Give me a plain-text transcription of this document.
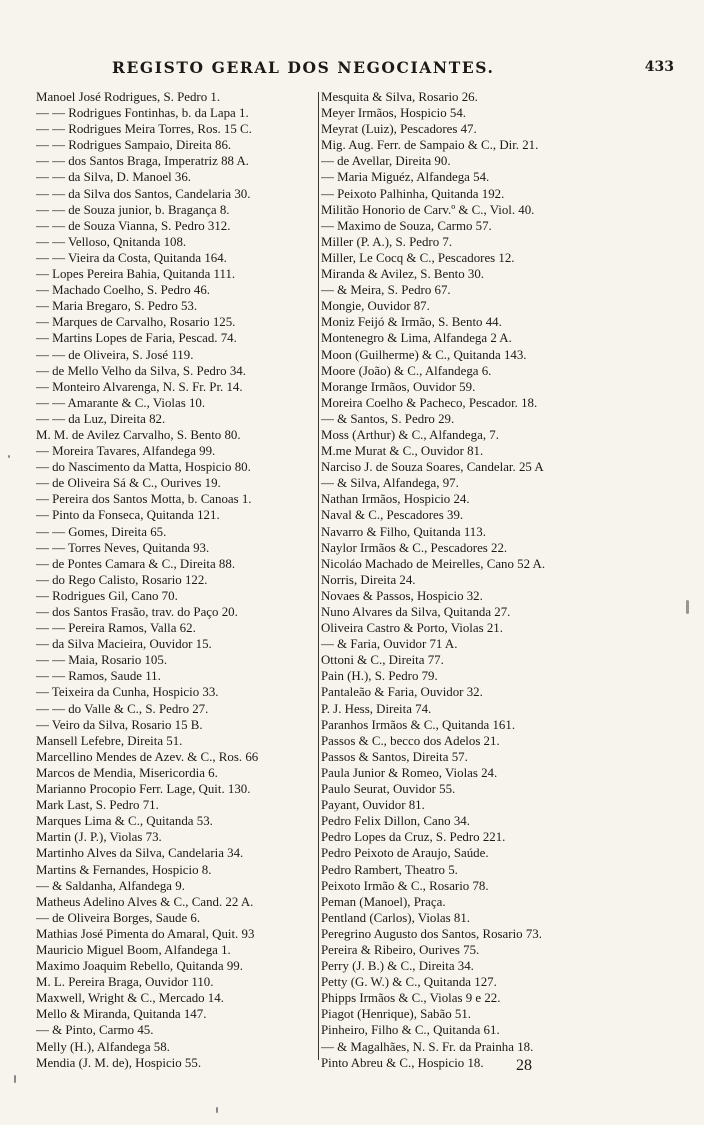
REGISTO GERAL DOS NEGOCIANTES.	433
Manoel José Rodrigues, S. Pedro 1.
— — Rodrigues Fontinhas, b. da Lapa 1.
— — Rodrigues Meira Torres, Ros. 15 C.
— — Rodrigues Sampaio, Direita 86.
— — dos Santos Braga, Imperatriz 88 A.
— — da Silva, D. Manoel 36.
— — da Silva dos Santos, Candelaria 30.
— — de Souza junior, b. Bragança 8.
— — de Souza Vianna, S. Pedro 312.
— — Velloso, Qnitanda 108.
— — Vieira da Costa, Quitanda 164.
— Lopes Pereira Bahia, Quitanda 111.
— Machado Coelho, S. Pedro 46.
— Maria Bregaro, S. Pedro 53.
— Marques de Carvalho, Rosario 125.
— Martins Lopes de Faria, Pescad. 74.
— — de Oliveira, S. José 119.
— de Mello Velho da Silva, S. Pedro 34.
— Monteiro Alvarenga, N. S. Fr. Pr. 14.
— — Amarante & C., Violas 10.
— — da Luz, Direita 82.
M. M. de Avilez Carvalho, S. Bento 80.
— Moreira Tavares, Alfandega 99.
— do Nascimento da Matta, Hospicio 80.
— de Oliveira Sá & C., Ourives 19.
— Pereira dos Santos Motta, b. Canoas 1.
— Pinto da Fonseca, Quitanda 121.
— — Gomes, Direita 65.
— — Torres Neves, Quitanda 93.
— de Pontes Camara & C., Direita 88.
— do Rego Calisto, Rosario 122.
— Rodrigues Gil, Cano 70.
— dos Santos Frasão, trav. do Paço 20.
— — Pereira Ramos, Valla 62.
— da Silva Macieira, Ouvidor 15.
— — Maia, Rosario 105.
— — Ramos, Saude 11.
— Teixeira da Cunha, Hospicio 33.
— — do Valle & C., S. Pedro 27.
— Veiro da Silva, Rosario 15 B.
Mansell Lefebre, Direita 51.
Marcellino Mendes de Azev. & C., Ros. 66
Marcos de Mendia, Misericordia 6.
Marianno Procopio Ferr. Lage, Quit. 130.
Mark Last, S. Pedro 71.
Marques Lima & C., Quitanda 53.
Martin (J. P.), Violas 73.
Martinho Alves da Silva, Candelaria 34.
Martins & Fernandes, Hospicio 8.
— & Saldanha, Alfandega 9.
Matheus Adelino Alves & C., Cand. 22 A.
— de Oliveira Borges, Saude 6.
Mathias José Pimenta do Amaral, Quit. 93
Mauricio Miguel Boom, Alfandega 1.
Maximo Joaquim Rebello, Quitanda 99.
M. L. Pereira Braga, Ouvidor 110.
Maxwell, Wright & C., Mercado 14.
Mello & Miranda, Quitanda 147.
— & Pinto, Carmo 45.
Melly (H.), Alfandega 58.
Mendia (J. M. de), Hospicio 55.
Mesquita & Silva, Rosario 26.
Meyer Irmãos, Hospicio 54.
Meyrat (Luiz), Pescadores 47.
Mig. Aug. Ferr. de Sampaio & C., Dir. 21.
— de Avellar, Direita 90.
— Maria Miguéz, Alfandega 54.
— Peixoto Palhinha, Quitanda 192.
Militão Honorio de Carv.º & C., Viol. 40.
— Maximo de Souza, Carmo 57.
Miller (P. A.), S. Pedro 7.
Miller, Le Cocq & C., Pescadores 12.
Miranda & Avilez, S. Bento 30.
— & Meira, S. Pedro 67.
Mongie, Ouvidor 87.
Moniz Feijó & Irmão, S. Bento 44.
Montenegro & Lima, Alfandega 2 A.
Moon (Guilherme) & C., Quitanda 143.
Moore (João) & C., Alfandega 6.
Morange Irmãos, Ouvidor 59.
Moreira Coelho & Pacheco, Pescador. 18.
— & Santos, S. Pedro 29.
Moss (Arthur) & C., Alfandega, 7.
M.me Murat & C., Ouvidor 81.
Narciso J. de Souza Soares, Candelar. 25 A
— & Silva, Alfandega, 97.
Nathan Irmãos, Hospicio 24.
Naval & C., Pescadores 39.
Navarro & Filho, Quitanda 113.
Naylor Irmãos & C., Pescadores 22.
Nicoláo Machado de Meirelles, Cano 52 A.
Norris, Direita 24.
Novaes & Passos, Hospicio 32.
Nuno Alvares da Silva, Quitanda 27.
Oliveira Castro & Porto, Violas 21.
— & Faria, Ouvidor 71 A.
Ottoni & C., Direita 77.
Pain (H.), S. Pedro 79.
Pantaleão & Faria, Ouvidor 32.
P. J. Hess, Direita 74.
Paranhos Irmãos & C., Quitanda 161.
Passos & C., becco dos Adelos 21.
Passos & Santos, Direita 57.
Paula Junior & Romeo, Violas 24.
Paulo Seurat, Ouvidor 55.
Payant, Ouvidor 81.
Pedro Felix Dillon, Cano 34.
Pedro Lopes da Cruz, S. Pedro 221.
Pedro Peixoto de Araujo, Saúde.
Pedro Rambert, Theatro 5.
Peixoto Irmão & C., Rosario 78.
Peman (Manoel), Praça.
Pentland (Carlos), Violas 81.
Peregrino Augusto dos Santos, Rosario 73.
Pereira & Ribeiro, Ourives 75.
Perry (J. B.) & C., Direita 34.
Petty (G. W.) & C., Quitanda 127.
Phipps Irmãos & C., Violas 9 e 22.
Piagot (Henrique), Sabão 51.
Pinheiro, Filho & C., Quitanda 61.
— & Magalhães, N. S. Fr. da Prainha 18.
Pinto Abreu & C., Hospicio 18.	28
